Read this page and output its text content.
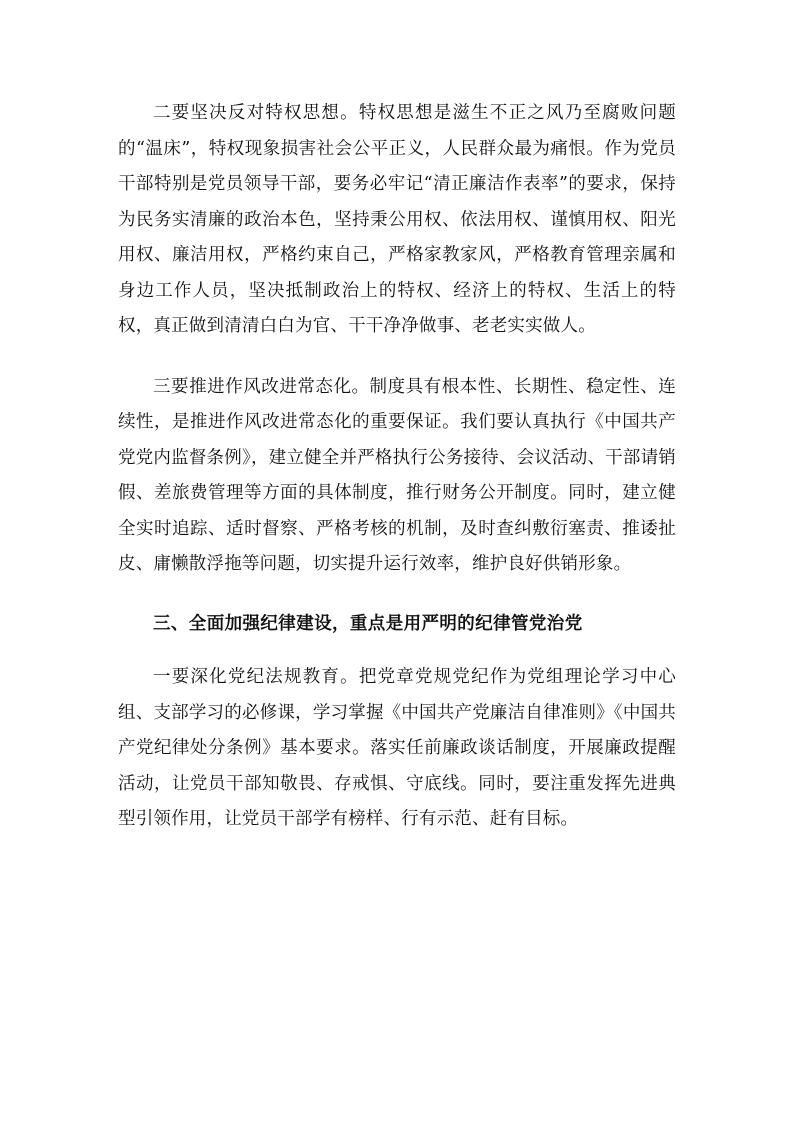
二要坚决反对特权思想。特权思想是滋生不正之风乃至腐败问题的“温床”，特权现象损害社会公平正义，人民群众最为痛恨。作为党员干部特别是党员领导干部，要务必牢记“清正廉洁作表率”的要求，保持为民务实清廉的政治本色，坚持秉公用权、依法用权、谨慎用权、阳光用权、廉洁用权，严格约束自己，严格家教家风，严格教育管理亲属和身边工作人员，坚决抵制政治上的特权、经济上的特权、生活上的特权，真正做到清清白白为官、干干净净做事、老老实实做人。

三要推进作风改进常态化。制度具有根本性、长期性、稳定性、连续性，是推进作风改进常态化的重要保证。我们要认真执行《中国共产党党内监督条例》，建立健全并严格执行公务接待、会议活动、干部请销假、差旅费管理等方面的具体制度，推行财务公开制度。同时，建立健全实时追踪、适时督察、严格考核的机制，及时查纠敷衍塞责、推诿扯皮、庸懒散浮拖等问题，切实提升运行效率，维护良好供销形象。

三、全面加强纪律建设，重点是用严明的纪律管党治党

一要深化党纪法规教育。把党章党规党纪作为党组理论学习中心组、支部学习的必修课，学习掌握《中国共产党廉洁自律准则》《中国共产党纪律处分条例》基本要求。落实任前廉政谈话制度，开展廉政提醒活动，让党员干部知敬畏、存戒惧、守底线。同时，要注重发挥先进典型引领作用，让党员干部学有榜样、行有示范、赶有目标。
